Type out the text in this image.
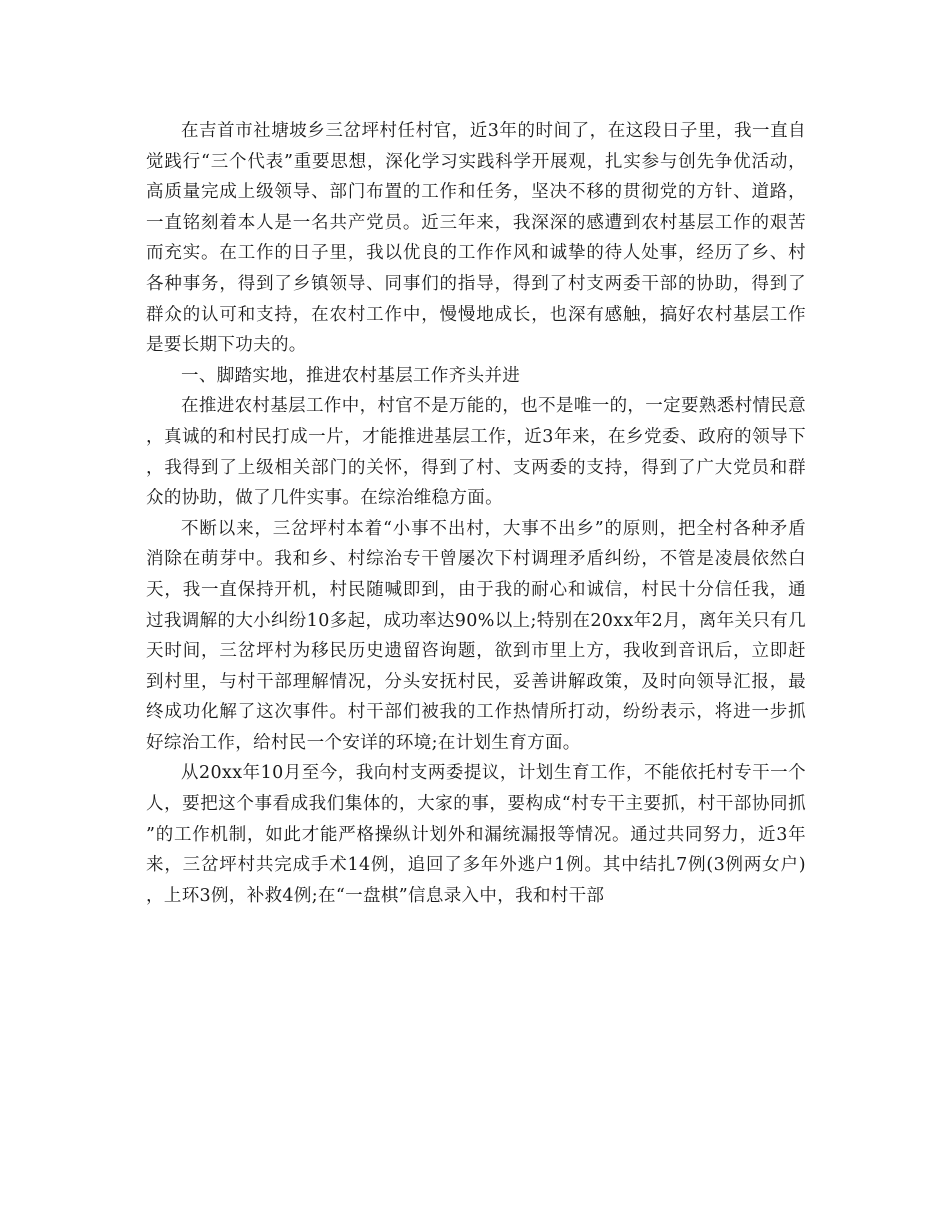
在吉首市社塘坡乡三岔坪村任村官，近3年的时间了，在这段日子里，我一直自觉践行“三个代表”重要思想，深化学习实践科学开展观，扎实参与创先争优活动，高质量完成上级领导、部门布置的工作和任务，坚决不移的贯彻党的方针、道路，一直铭刻着本人是一名共产党员。近三年来，我深深的感遭到农村基层工作的艰苦而充实。在工作的日子里，我以优良的工作作风和诚挚的待人处事，经历了乡、村各种事务，得到了乡镇领导、同事们的指导，得到了村支两委干部的协助，得到了群众的认可和支持，在农村工作中，慢慢地成长，也深有感触，搞好农村基层工作是要长期下功夫的。

一、脚踏实地，推进农村基层工作齐头并进

在推进农村基层工作中，村官不是万能的，也不是唯一的，一定要熟悉村情民意，真诚的和村民打成一片，才能推进基层工作，近3年来，在乡党委、政府的领导下，我得到了上级相关部门的关怀，得到了村、支两委的支持，得到了广大党员和群众的协助，做了几件实事。在综治维稳方面。

不断以来，三岔坪村本着“小事不出村，大事不出乡”的原则，把全村各种矛盾消除在萌芽中。我和乡、村综治专干曾屡次下村调理矛盾纠纷，不管是凌晨依然白天，我一直保持开机，村民随喊即到，由于我的耐心和诚信，村民十分信任我，通过我调解的大小纠纷10多起，成功率达90%以上;特别在20xx年2月，离年关只有几天时间，三岔坪村为移民历史遗留咨询题，欲到市里上方，我收到音讯后，立即赶到村里，与村干部理解情况，分头安抚村民，妥善讲解政策，及时向领导汇报，最终成功化解了这次事件。村干部们被我的工作热情所打动，纷纷表示，将进一步抓好综治工作，给村民一个安详的环境;在计划生育方面。

从20xx年10月至今，我向村支两委提议，计划生育工作，不能依托村专干一个人，要把这个事看成我们集体的，大家的事，要构成“村专干主要抓，村干部协同抓”的工作机制，如此才能严格操纵计划外和漏统漏报等情况。通过共同努力，近3年来，三岔坪村共完成手术14例，追回了多年外逃户1例。其中结扎7例(3例两女户)，上环3例，补救4例;在“一盘棋”信息录入中，我和村干部
